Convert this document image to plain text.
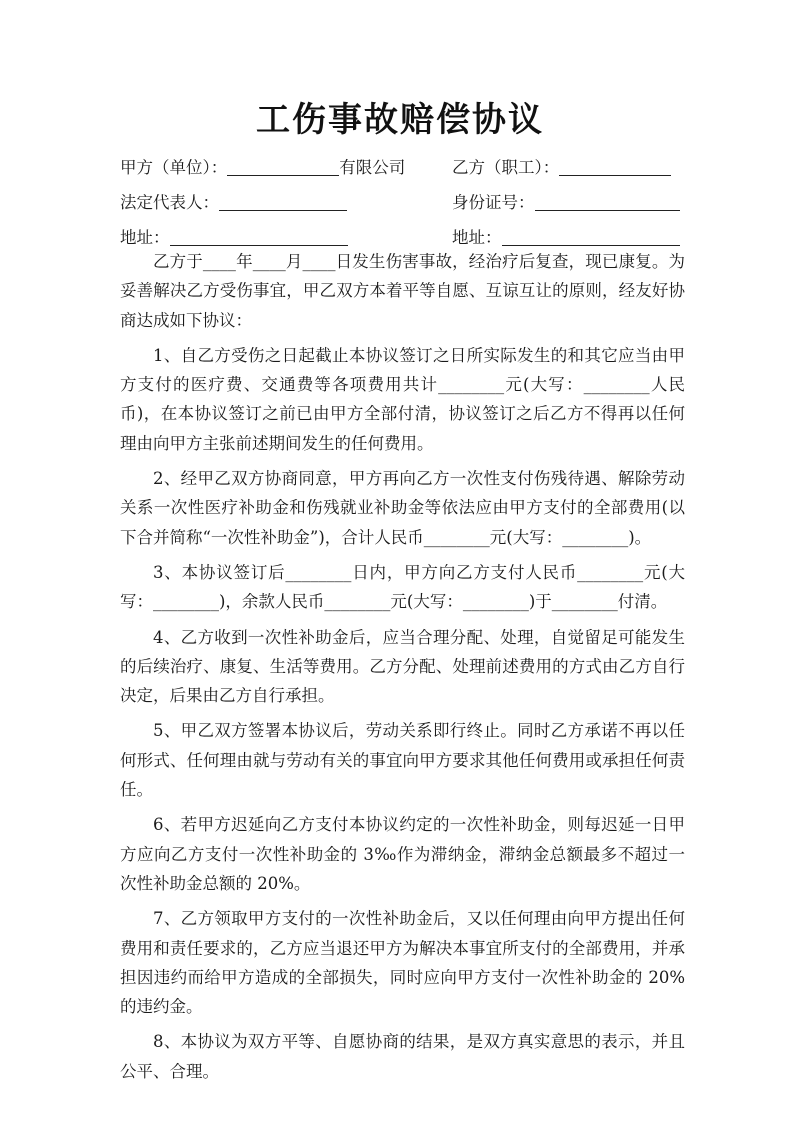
工伤事故赔偿协议
甲方（单位）：	有限公司	乙方（职工）：
法定代表人：	身份证号：
地址：	地址：

乙方于____年____月____日发生伤害事故，经治疗后复查，现已康复。为妥善解决乙方受伤事宜，甲乙双方本着平等自愿、互谅互让的原则，经友好协商达成如下协议：

1、自乙方受伤之日起截止本协议签订之日所实际发生的和其它应当由甲方支付的医疗费、交通费等各项费用共计________元(大写：________人民币)，在本协议签订之前已由甲方全部付清，协议签订之后乙方不得再以任何理由向甲方主张前述期间发生的任何费用。

2、经甲乙双方协商同意，甲方再向乙方一次性支付伤残待遇、解除劳动关系一次性医疗补助金和伤残就业补助金等依法应由甲方支付的全部费用(以下合并简称“一次性补助金”)，合计人民币________元(大写：________)。

3、本协议签订后________日内，甲方向乙方支付人民币________元(大写：________)，余款人民币________元(大写：________)于________付清。

4、乙方收到一次性补助金后，应当合理分配、处理，自觉留足可能发生的后续治疗、康复、生活等费用。乙方分配、处理前述费用的方式由乙方自行决定，后果由乙方自行承担。

5、甲乙双方签署本协议后，劳动关系即行终止。同时乙方承诺不再以任何形式、任何理由就与劳动有关的事宜向甲方要求其他任何费用或承担任何责任。

6、若甲方迟延向乙方支付本协议约定的一次性补助金，则每迟延一日甲方应向乙方支付一次性补助金的 3‰作为滞纳金，滞纳金总额最多不超过一次性补助金总额的 20%。

7、乙方领取甲方支付的一次性补助金后，又以任何理由向甲方提出任何费用和责任要求的，乙方应当退还甲方为解决本事宜所支付的全部费用，并承担因违约而给甲方造成的全部损失，同时应向甲方支付一次性补助金的 20%的违约金。

8、本协议为双方平等、自愿协商的结果，是双方真实意思的表示，并且公平、合理。
